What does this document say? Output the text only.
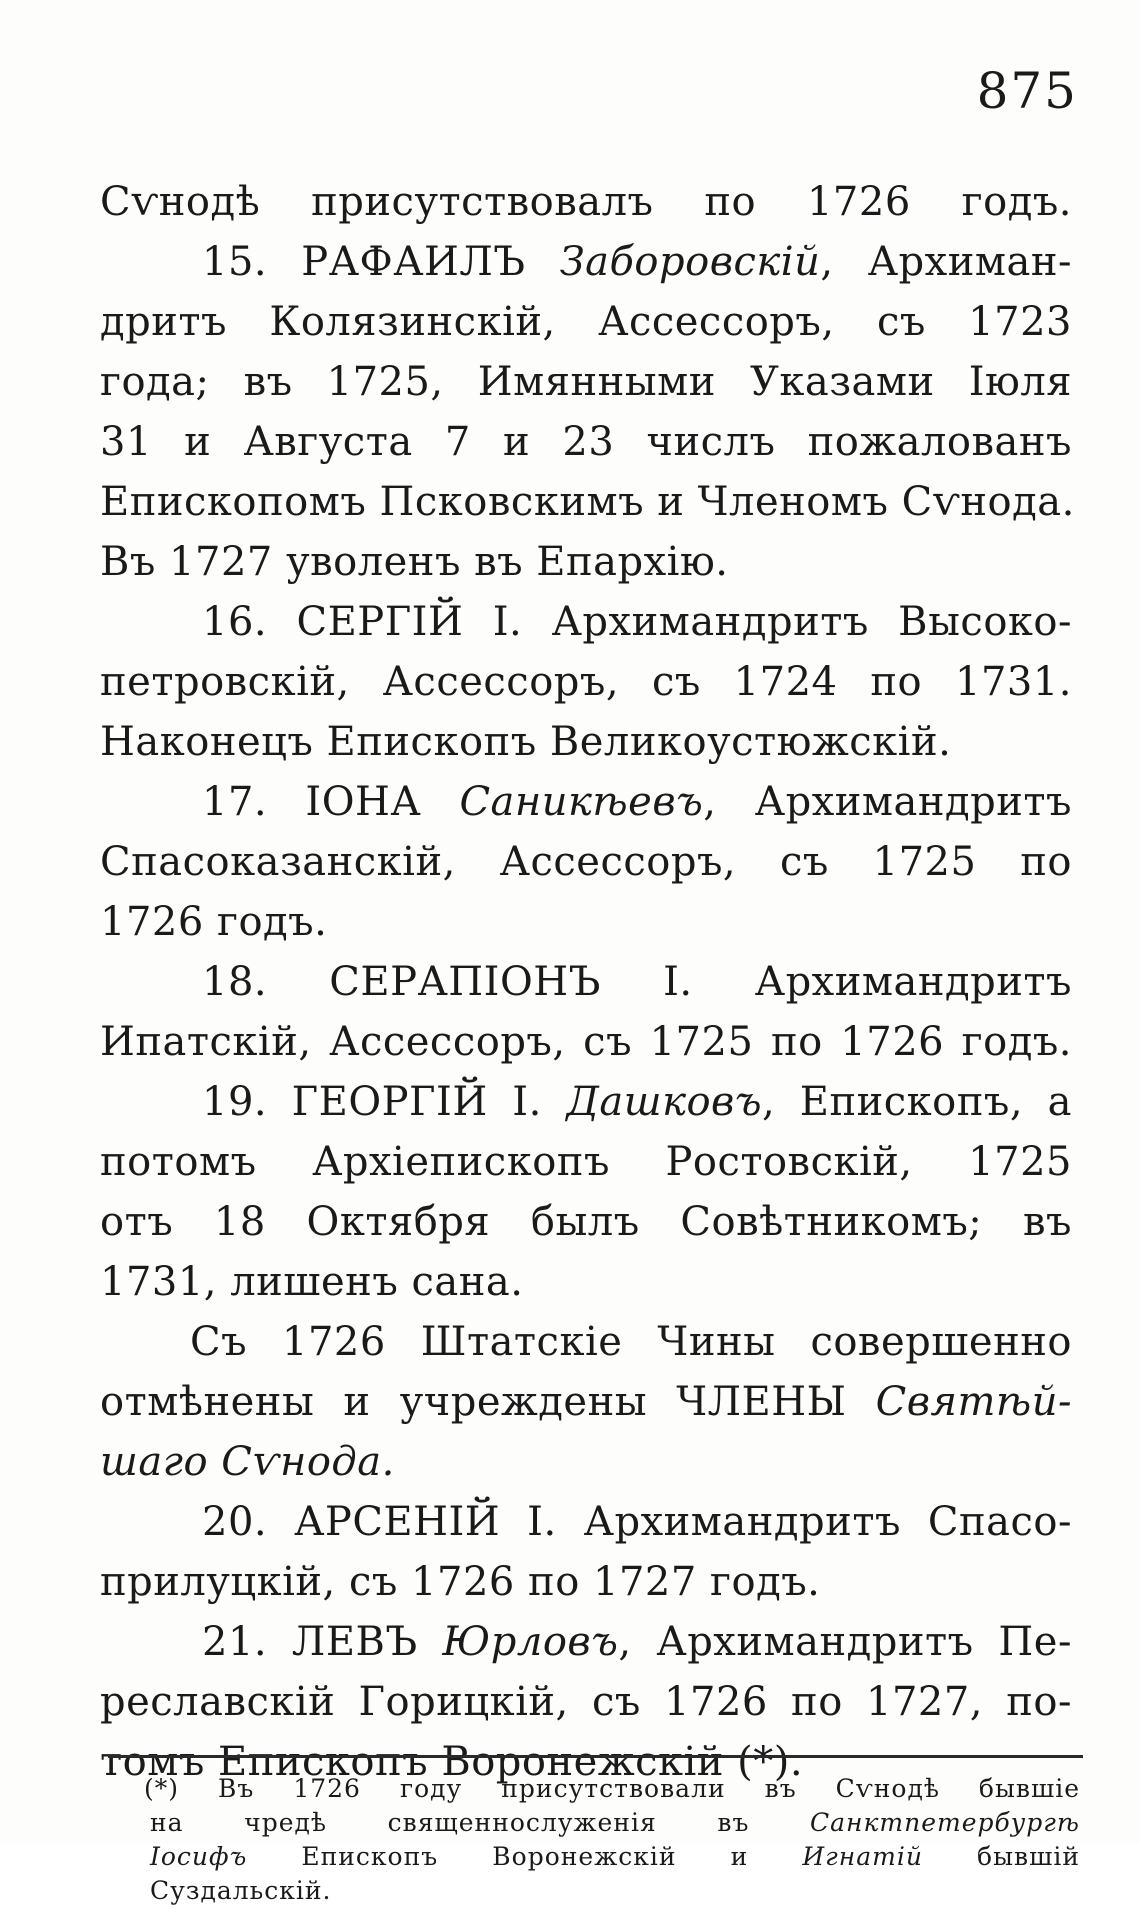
875
Сѵнодѣ присутствовалъ по 1726 годъ.
15. РАФАИЛЪ Заборовскій, Архиман-
дритъ Колязинскій, Ассессоръ, съ 1723
года; въ 1725, Имянными Указами Іюля
31 и Августа 7 и 23 числъ пожалованъ
Епископомъ Псковскимъ и Членомъ Сѵнода.
Въ 1727 уволенъ въ Епархію.
16. СЕРГІЙ I. Архимандритъ Высоко-
петровскій, Ассессоръ, съ 1724 по 1731.
Наконецъ Епископъ Великоустюжскій.
17. ІОНА Саникѣевъ, Архимандритъ
Спасоказанскій, Ассессоръ, съ 1725 по
1726 годъ.
18. СЕРАПІОНЪ I. Архимандритъ
Ипатскій, Ассессоръ, съ 1725 по 1726 годъ.
19. ГЕОРГІЙ I. Дашковъ, Епископъ, а
потомъ Архіепископъ Ростовскій, 1725
отъ 18 Октября былъ Совѣтникомъ; въ
1731, лишенъ сана.
Съ 1726 Штатскіе Чины совершенно
отмѣнены и учреждены ЧЛЕНЫ Святѣй-
шаго Сѵнода.
20. АРСЕНІЙ I. Архимандритъ Спасо-
прилуцкій, съ 1726 по 1727 годъ.
21. ЛЕВЪ Юрловъ, Архимандритъ Пе-
реславскій Горицкій, съ 1726 по 1727, по-
томъ Епископъ Воронежскій (*).
(*) Въ 1726 году присутствовали въ Сѵнодѣ бывшіе
на чредѣ священнослуженія въ Санктпетербургѣ
Іосифъ Епископъ Воронежскій и Игнатій бывшій
Суздальскій.
